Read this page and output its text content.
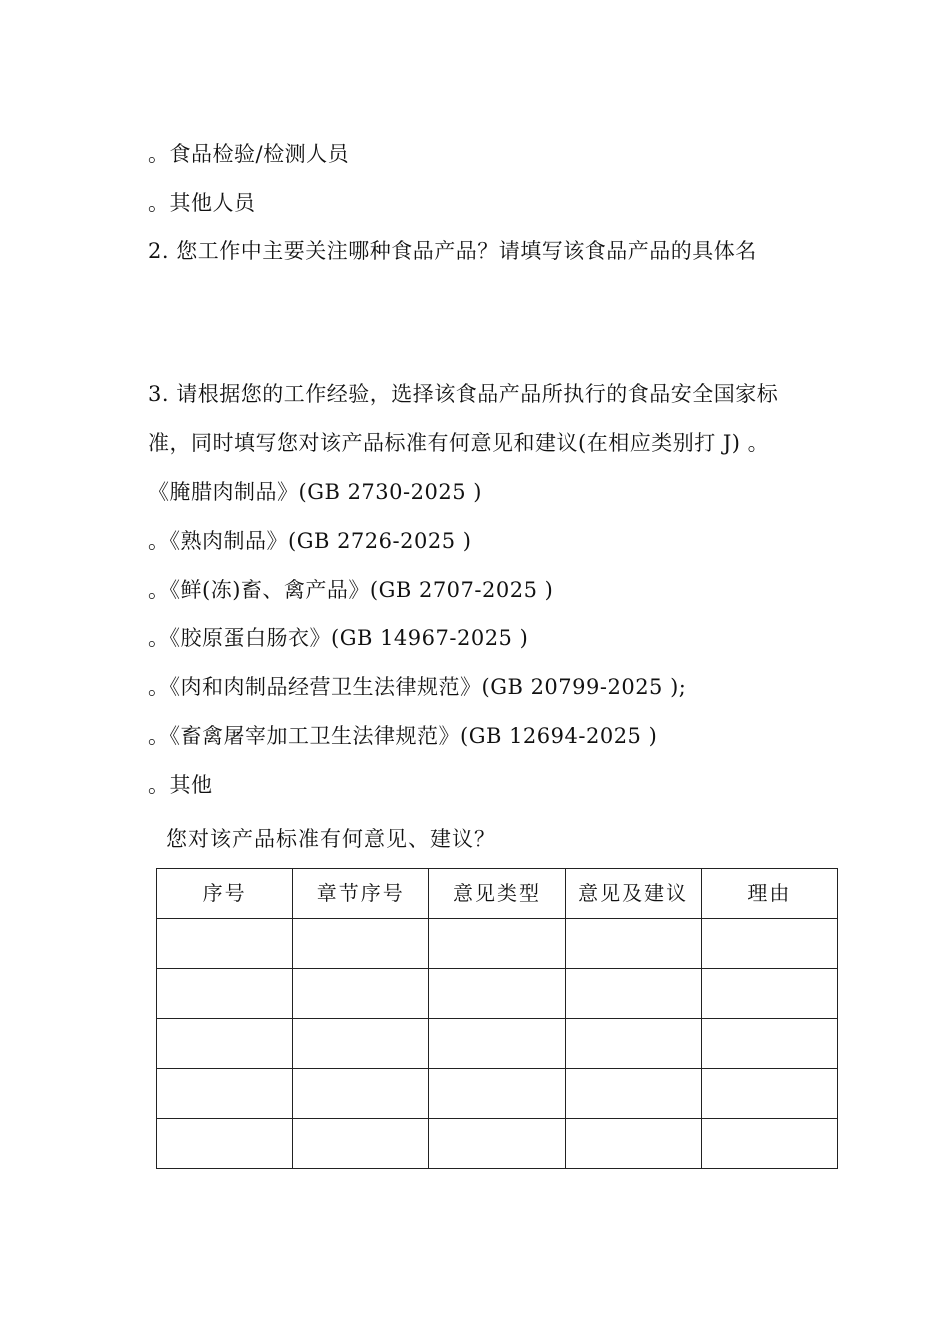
。食品检验/检测人员
。其他人员
2. 您工作中主要关注哪种食品产品？请填写该食品产品的具体名
3. 请根据您的工作经验，选择该食品产品所执行的食品安全国家标
准，同时填写您对该产品标准有何意见和建议(在相应类别打 J) 。
《腌腊肉制品》(GB 2730-2025 )
。《熟肉制品》(GB 2726-2025 )
。《鲜(冻)畜、禽产品》(GB 2707-2025 )
。《胶原蛋白肠衣》(GB 14967-2025 )
。《肉和肉制品经营卫生法律规范》(GB 20799-2025 );
。《畜禽屠宰加工卫生法律规范》(GB 12694-2025 )
。其他
您对该产品标准有何意见、建议？
序号	章节序号	意见类型	意见及建议	理由
